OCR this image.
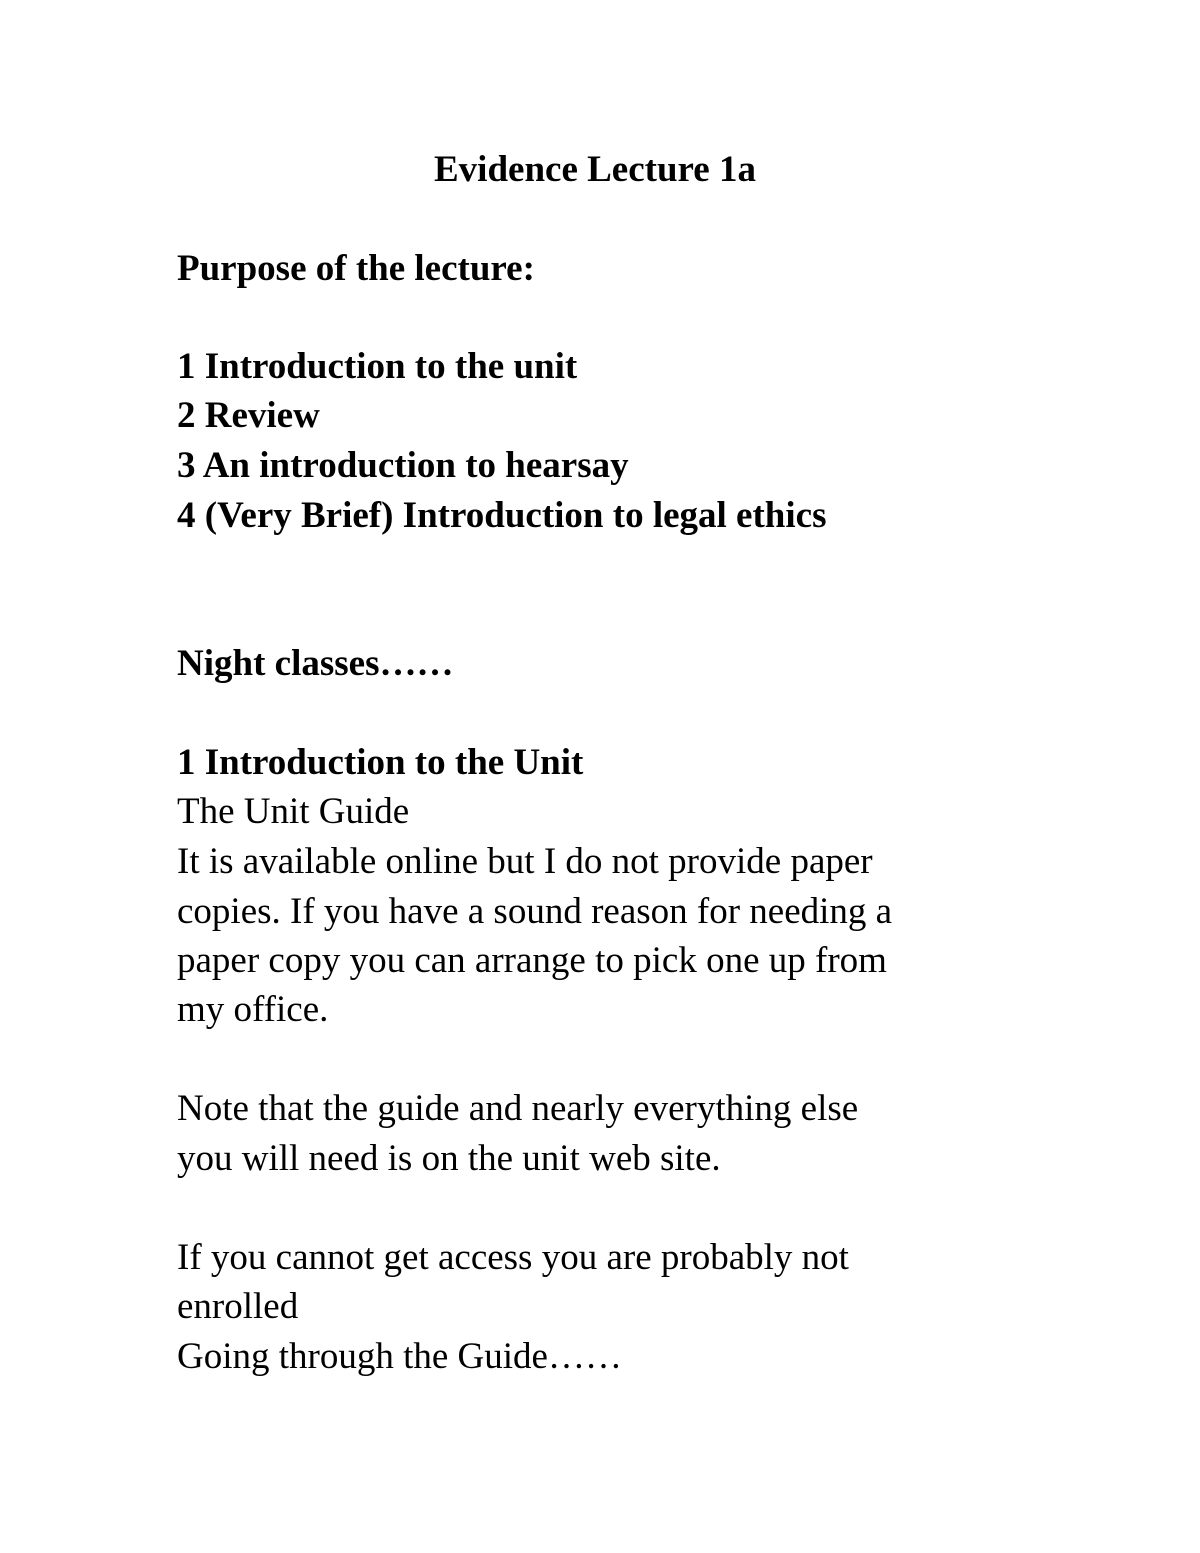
Evidence Lecture 1a

Purpose of the lecture:

1 Introduction to the unit

2 Review

3 An introduction to hearsay

4 (Very Brief) Introduction to legal ethics

Night classes……

1 Introduction to the Unit

The Unit Guide

It is available online but I do not provide paper

copies. If you have a sound reason for needing a

paper copy you can arrange to pick one up from

my office.

Note that the guide and nearly everything else

you will need is on the unit web site.

If you cannot get access you are probably not

enrolled

Going through the Guide……
